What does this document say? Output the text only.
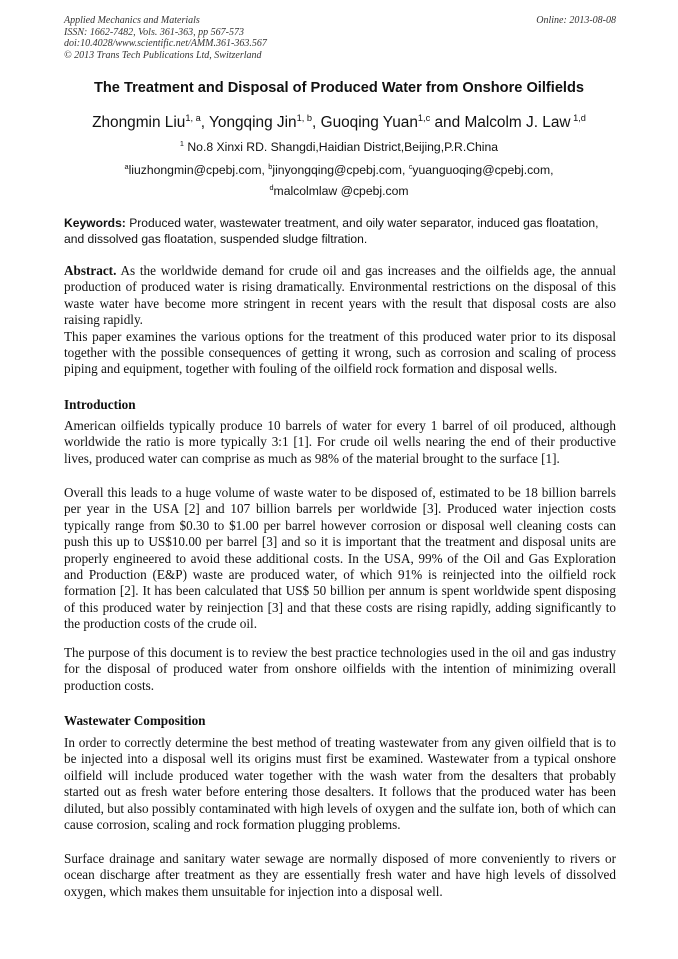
Applied Mechanics and Materials
ISSN: 1662-7482, Vols. 361-363, pp 567-573
doi:10.4028/www.scientific.net/AMM.361-363.567
© 2013 Trans Tech Publications Ltd, Switzerland
Online: 2013-08-08
The Treatment and Disposal of Produced Water from Onshore Oilfields
Zhongmin Liu$^{1, a}$, Yongqing Jin$^{1, b}$, Guoqing Yuan$^{1,c}$ and Malcolm J. Law $^{1,d}$
$^1$ No.8 Xinxi RD. Shangdi,Haidian District,Beijing,P.R.China
$^a$liuzhongmin@cpebj.com, $^b$jinyongqing@cpebj.com, $^c$yuanguoqing@cpebj.com,
$^d$malcolmlaw @cpebj.com
Keywords: Produced water, wastewater treatment, and oily water separator, induced gas floatation, and dissolved gas floatation, suspended sludge filtration.

Abstract. As the worldwide demand for crude oil and gas increases and the oilfields age, the annual production of produced water is rising dramatically. Environmental restrictions on the disposal of this waste water have become more stringent in recent years with the result that disposal costs are also raising rapidly.

This paper examines the various options for the treatment of this produced water prior to its disposal together with the possible consequences of getting it wrong, such as corrosion and scaling of process piping and equipment, together with fouling of the oilfield rock formation and disposal wells.

Introduction
American oilfields typically produce 10 barrels of water for every 1 barrel of oil produced, although worldwide the ratio is more typically 3:1 [1]. For crude oil wells nearing the end of their productive lives, produced water can comprise as much as 98% of the material brought to the surface [1].
Overall this leads to a huge volume of waste water to be disposed of, estimated to be 18 billion barrels per year in the USA [2] and 107 billion barrels per worldwide [3]. Produced water injection costs typically range from $0.30 to $1.00 per barrel however corrosion or disposal well cleaning costs can push this up to US$10.00 per barrel [3] and so it is important that the treatment and disposal units are properly engineered to avoid these additional costs. In the USA, 99% of the Oil and Gas Exploration and Production (E&P) waste are produced water, of which 91% is reinjected into the oilfield rock formation [2]. It has been calculated that US$ 50 billion per annum is spent worldwide spent disposing of this produced water by reinjection [3] and that these costs are rising rapidly, adding significantly to the production costs of the crude oil.
The purpose of this document is to review the best practice technologies used in the oil and gas industry for the disposal of produced water from onshore oilfields with the intention of minimizing overall production costs.
Wastewater Composition
In order to correctly determine the best method of treating wastewater from any given oilfield that is to be injected into a disposal well its origins must first be examined. Wastewater from a typical onshore oilfield will include produced water together with the wash water from the desalters that probably started out as fresh water before entering those desalters. It follows that the produced water has been diluted, but also possibly contaminated with high levels of oxygen and the sulfate ion, both of which can cause corrosion, scaling and rock formation plugging problems.
Surface drainage and sanitary water sewage are normally disposed of more conveniently to rivers or ocean discharge after treatment as they are essentially fresh water and have high levels of dissolved oxygen, which makes them unsuitable for injection into a disposal well.
